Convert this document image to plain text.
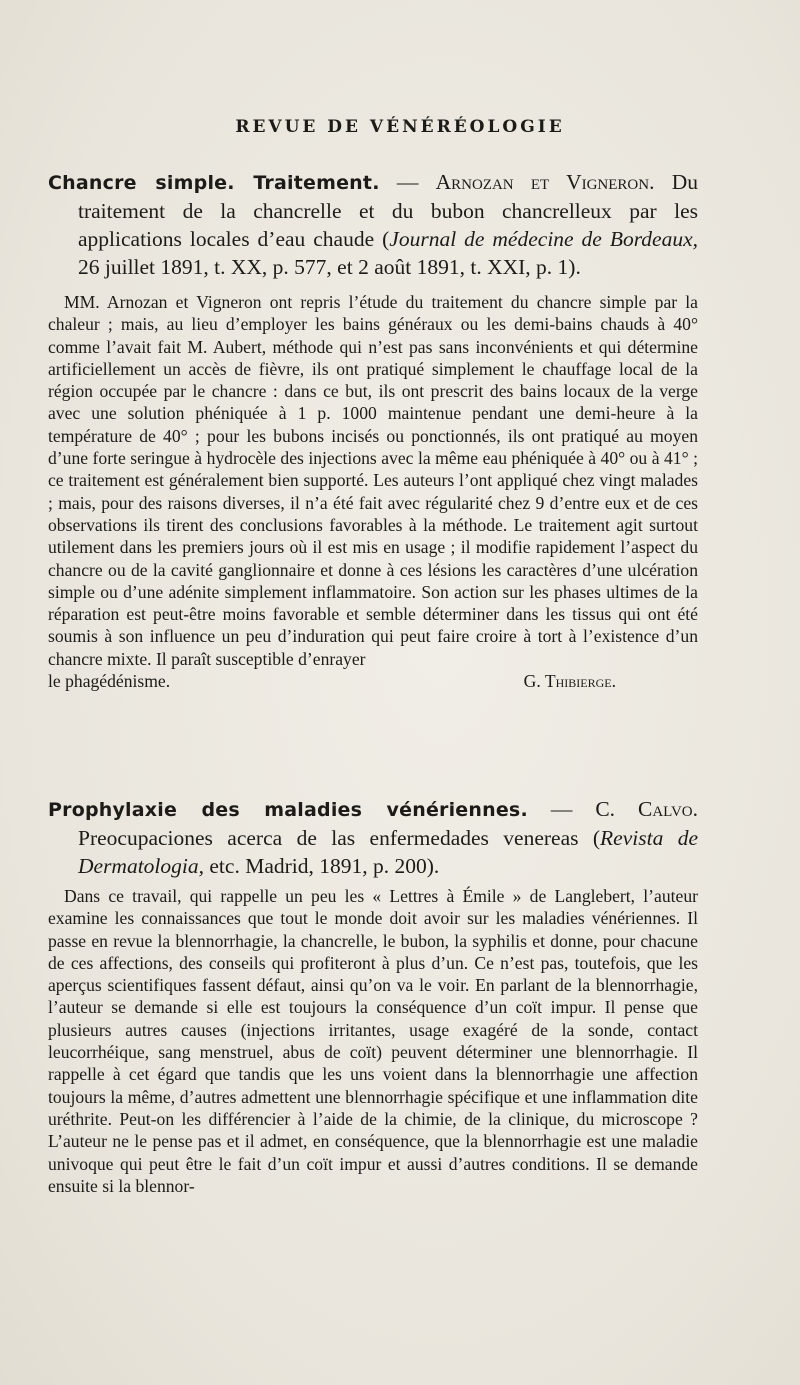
REVUE DE VÉNÉRÉOLOGIE
Chancre simple. Traitement. — Arnozan et Vigneron. Du traitement de la chancrelle et du bubon chancrelleux par les applications locales d’eau chaude (Journal de médecine de Bordeaux, 26 juillet 1891, t. XX, p. 577, et 2 août 1891, t. XXI, p. 1).

MM. Arnozan et Vigneron ont repris l’étude du traitement du chancre simple par la chaleur ; mais, au lieu d’employer les bains généraux ou les demi-bains chauds à 40° comme l’avait fait M. Aubert, méthode qui n’est pas sans inconvénients et qui détermine artificiellement un accès de fièvre, ils ont pratiqué simplement le chauffage local de la région occupée par le chancre : dans ce but, ils ont prescrit des bains locaux de la verge avec une solution phéniquée à 1 p. 1000 maintenue pendant une demi-heure à la température de 40° ; pour les bubons incisés ou ponctionnés, ils ont pratiqué au moyen d’une forte seringue à hydrocèle des injections avec la même eau phéniquée à 40° ou à 41° ; ce traitement est généralement bien supporté. Les auteurs l’ont appliqué chez vingt malades ; mais, pour des raisons diverses, il n’a été fait avec régularité chez 9 d’entre eux et de ces observations ils tirent des conclusions favorables à la méthode. Le traitement agit surtout utilement dans les premiers jours où il est mis en usage ; il modifie rapidement l’aspect du chancre ou de la cavité ganglionnaire et donne à ces lésions les caractères d’une ulcération simple ou d’une adénite simplement inflammatoire. Son action sur les phases ultimes de la réparation est peut-être moins favorable et semble déterminer dans les tissus qui ont été soumis à son influence un peu d’induration qui peut faire croire à tort à l’existence d’un chancre mixte. Il paraît susceptible d’enrayer

le phagédénisme.	G. Thibierge.
Prophylaxie des maladies vénériennes. — C. Calvo. Preocupaciones acerca de las enfermedades venereas (Revista de Dermatologia, etc. Madrid, 1891, p. 200).

Dans ce travail, qui rappelle un peu les « Lettres à Émile » de Langlebert, l’auteur examine les connaissances que tout le monde doit avoir sur les maladies vénériennes. Il passe en revue la blennorrhagie, la chancrelle, le bubon, la syphilis et donne, pour chacune de ces affections, des conseils qui profiteront à plus d’un. Ce n’est pas, toutefois, que les aperçus scientifiques fassent défaut, ainsi qu’on va le voir. En parlant de la blennorrhagie, l’auteur se demande si elle est toujours la conséquence d’un coït impur. Il pense que plusieurs autres causes (injections irritantes, usage exagéré de la sonde, contact leucorrhéique, sang menstruel, abus de coït) peuvent déterminer une blennorrhagie. Il rappelle à cet égard que tandis que les uns voient dans la blennorrhagie une affection toujours la même, d’autres admettent une blennorrhagie spécifique et une inflammation dite uréthrite. Peut-on les différencier à l’aide de la chimie, de la clinique, du microscope ? L’auteur ne le pense pas et il admet, en conséquence, que la blennorrhagie est une maladie univoque qui peut être le fait d’un coït impur et aussi d’autres conditions. Il se demande ensuite si la blennor-
